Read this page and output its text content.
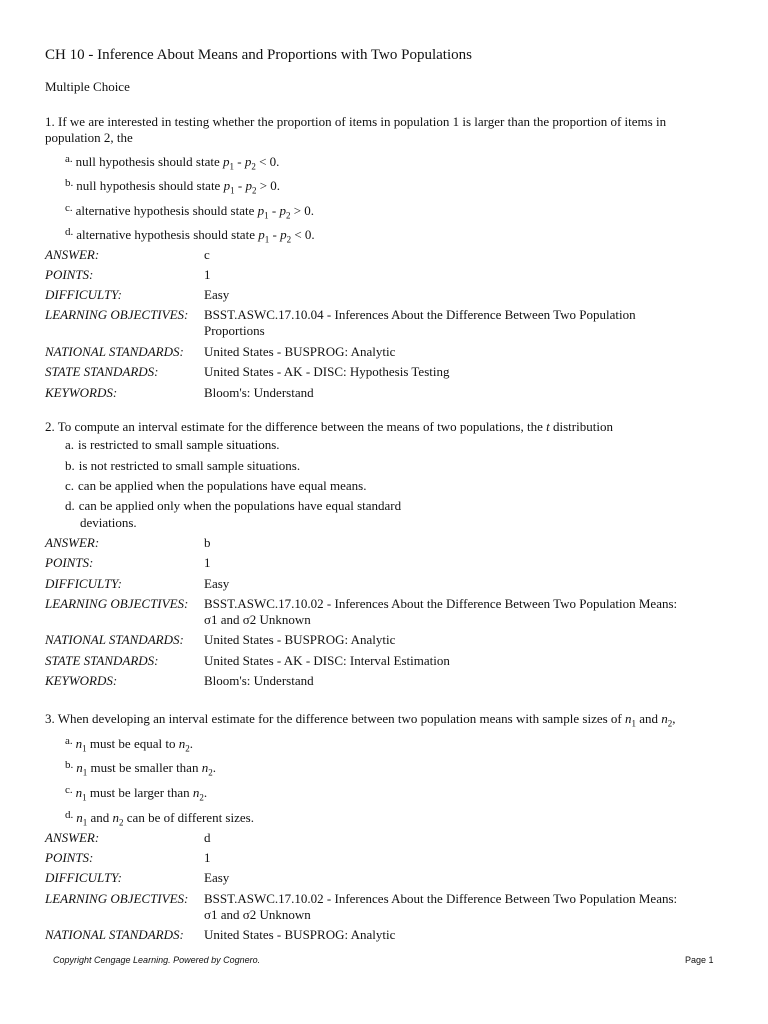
CH 10 - Inference About Means and Proportions with Two Populations
Multiple Choice
1. If we are interested in testing whether the proportion of items in population 1 is larger than the proportion of items in
population 2, the
$^{a.}$ null hypothesis should state $p_1 - p_2 < 0$.
$^{b.}$ null hypothesis should state $p_1 - p_2 > 0$.
$^{c.}$ alternative hypothesis should state $p_1 - p_2 > 0$.
$^{d.}$ alternative hypothesis should state $p_1 - p_2 < 0$.
ANSWER:	c
POINTS:	1
DIFFICULTY:	Easy
LEARNING OBJECTIVES: BSST.ASWC.17.10.04 - Inferences About the Difference Between Two Population
Proportions
NATIONAL STANDARDS: United States - BUSPROG: Analytic
STATE STANDARDS:	United States - AK - DISC: Hypothesis Testing
KEYWORDS:	Bloom's: Understand
2. To compute an interval estimate for the difference between the means of two populations, the t distribution
a. is restricted to small sample situations.
b. is not restricted to small sample situations.
c. can be applied when the populations have equal means.
d. can be applied only when the populations have equal standard
deviations.
ANSWER:	b
POINTS:	1
DIFFICULTY:	Easy
LEARNING OBJECTIVES: BSST.ASWC.17.10.02 - Inferences About the Difference Between Two Population Means:
σ1 and σ2 Unknown
NATIONAL STANDARDS: United States - BUSPROG: Analytic
STATE STANDARDS:	United States - AK - DISC: Interval Estimation
KEYWORDS:	Bloom's: Understand
3. When developing an interval estimate for the difference between two population means with sample sizes of $n_1$ and $n_2$,
$^{a.}$ $n_1$ must be equal to $n_2$.
$^{b.}$ $n_1$ must be smaller than $n_2$.
$^{c.}$ $n_1$ must be larger than $n_2$.
$^{d.}$ $n_1$ and $n_2$ can be of different sizes.
ANSWER:	d
POINTS:	1
DIFFICULTY:	Easy
LEARNING OBJECTIVES: BSST.ASWC.17.10.02 - Inferences About the Difference Between Two Population Means:
σ1 and σ2 Unknown
NATIONAL STANDARDS: United States - BUSPROG: Analytic
Copyright Cengage Learning. Powered by Cognero.	Page 1
